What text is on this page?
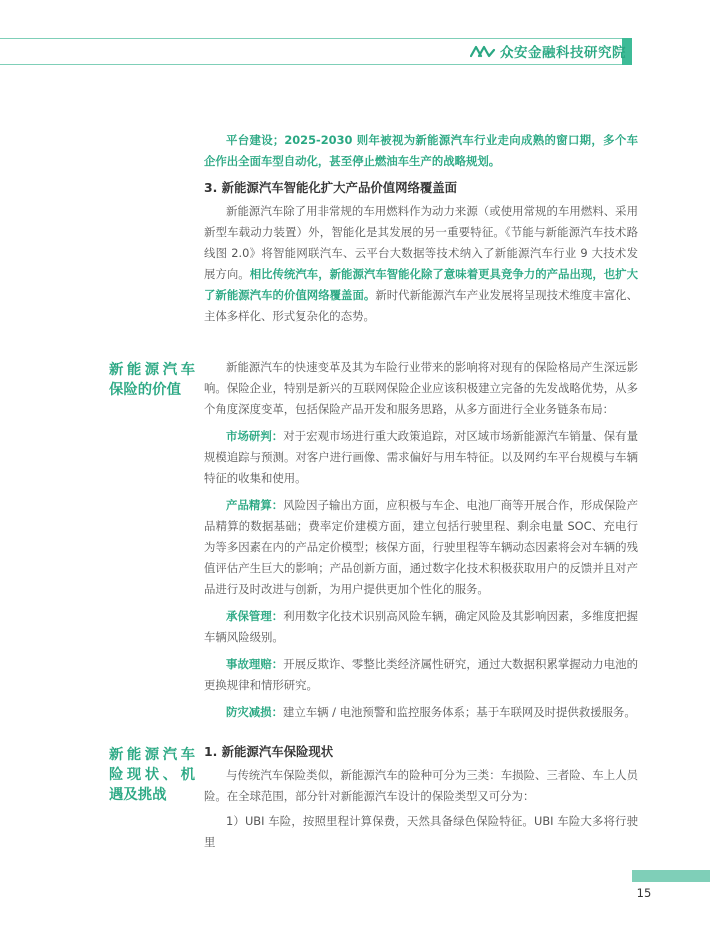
众安金融科技研究院

平台建设；2025-2030 则年被视为新能源汽车行业走向成熟的窗口期，多个车企作出全面车型自动化，甚至停止燃油车生产的战略规划。

3. 新能源汽车智能化扩大产品价值网络覆盖面

新能源汽车除了用非常规的车用燃料作为动力来源（或使用常规的车用燃料、采用新型车载动力装置）外，智能化是其发展的另一重要特征。《节能与新能源汽车技术路线图 2.0》将智能网联汽车、云平台大数据等技术纳入了新能源汽车行业 9 大技术发展方向。相比传统汽车，新能源汽车智能化除了意味着更具竞争力的产品出现，也扩大了新能源汽车的价值网络覆盖面。新时代新能源汽车产业发展将呈现技术维度丰富化、主体多样化、形式复杂化的态势。

新能源汽车保险的价值

新能源汽车的快速变革及其为车险行业带来的影响将对现有的保险格局产生深远影响。保险企业，特别是新兴的互联网保险企业应该积极建立完备的先发战略优势，从多个角度深度变革，包括保险产品开发和服务思路，从多方面进行全业务链条布局：

市场研判：对于宏观市场进行重大政策追踪，对区域市场新能源汽车销量、保有量规模追踪与预测。对客户进行画像、需求偏好与用车特征。以及网约车平台规模与车辆特征的收集和使用。

产品精算：风险因子输出方面，应积极与车企、电池厂商等开展合作，形成保险产品精算的数据基础；费率定价建模方面，建立包括行驶里程、剩余电量 SOC、充电行为等多因素在内的产品定价模型；核保方面，行驶里程等车辆动态因素将会对车辆的残值评估产生巨大的影响；产品创新方面，通过数字化技术积极获取用户的反馈并且对产品进行及时改进与创新，为用户提供更加个性化的服务。

承保管理：利用数字化技术识别高风险车辆，确定风险及其影响因素，多维度把握车辆风险级别。

事故理赔：开展反欺诈、零整比类经济属性研究，通过大数据积累掌握动力电池的更换规律和情形研究。

防灾减损：建立车辆 / 电池预警和监控服务体系；基于车联网及时提供救援服务。

新能源汽车险现状、机遇及挑战

1. 新能源汽车保险现状

与传统汽车保险类似，新能源汽车的险种可分为三类：车损险、三者险、车上人员险。在全球范围，部分针对新能源汽车设计的保险类型又可分为：

1）UBI 车险，按照里程计算保费，天然具备绿色保险特征。UBI 车险大多将行驶里

15
